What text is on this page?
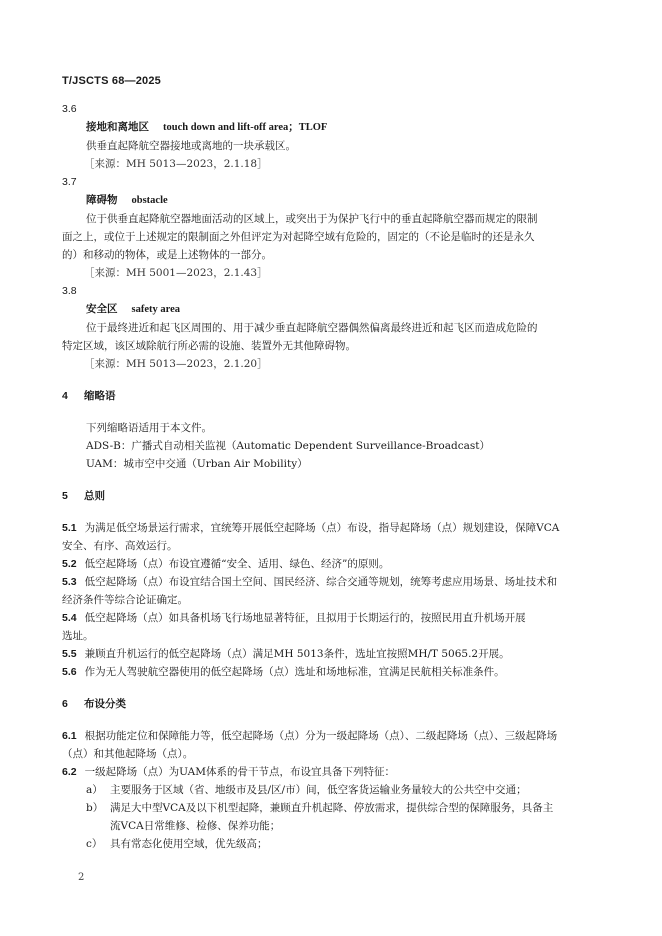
T/JSCTS 68—2025
3.6
接地和离地区 touch down and lift-off area；TLOF
供垂直起降航空器接地或离地的一块承载区。
［来源：MH 5013—2023，2.1.18］
3.7
障碍物 obstacle
位于供垂直起降航空器地面活动的区域上，或突出于为保护飞行中的垂直起降航空器而规定的限制
面之上，或位于上述规定的限制面之外但评定为对起降空域有危险的，固定的（不论是临时的还是永久
的）和移动的物体，或是上述物体的一部分。
［来源：MH 5001—2023，2.1.43］
3.8
安全区 safety area
位于最终进近和起飞区周围的、用于减少垂直起降航空器偶然偏离最终进近和起飞区而造成危险的
特定区域，该区域除航行所必需的设施、装置外无其他障碍物。
［来源：MH 5013—2023，2.1.20］
4 缩略语
下列缩略语适用于本文件。
ADS-B：广播式自动相关监视（Automatic Dependent Surveillance-Broadcast）
UAM：城市空中交通（Urban Air Mobility）
5 总则
5.1 为满足低空场景运行需求，宜统筹开展低空起降场（点）布设，指导起降场（点）规划建设，保障VCA
安全、有序、高效运行。
5.2 低空起降场（点）布设宜遵循“安全、适用、绿色、经济”的原则。
5.3 低空起降场（点）布设宜结合国土空间、国民经济、综合交通等规划，统筹考虑应用场景、场址技术和
经济条件等综合论证确定。
5.4 低空起降场（点）如具备机场飞行场地显著特征，且拟用于长期运行的，按照民用直升机场开展
选址。
5.5 兼顾直升机运行的低空起降场（点）满足MH 5013条件，选址宜按照MH/T 5065.2开展。
5.6 作为无人驾驶航空器使用的低空起降场（点）选址和场地标准，宜满足民航相关标准条件。
6 布设分类
6.1 根据功能定位和保障能力等，低空起降场（点）分为一级起降场（点）、二级起降场（点）、三级起降场
（点）和其他起降场（点）。
6.2 一级起降场（点）为UAM体系的骨干节点，布设宜具备下列特征：
a） 主要服务于区域（省、地级市及县/区/市）间，低空客货运输业务量较大的公共空中交通；
b） 满足大中型VCA及以下机型起降，兼顾直升机起降、停放需求，提供综合型的保障服务，具备主
流VCA日常维修、检修、保养功能；
c） 具有常态化使用空域，优先级高；
2
